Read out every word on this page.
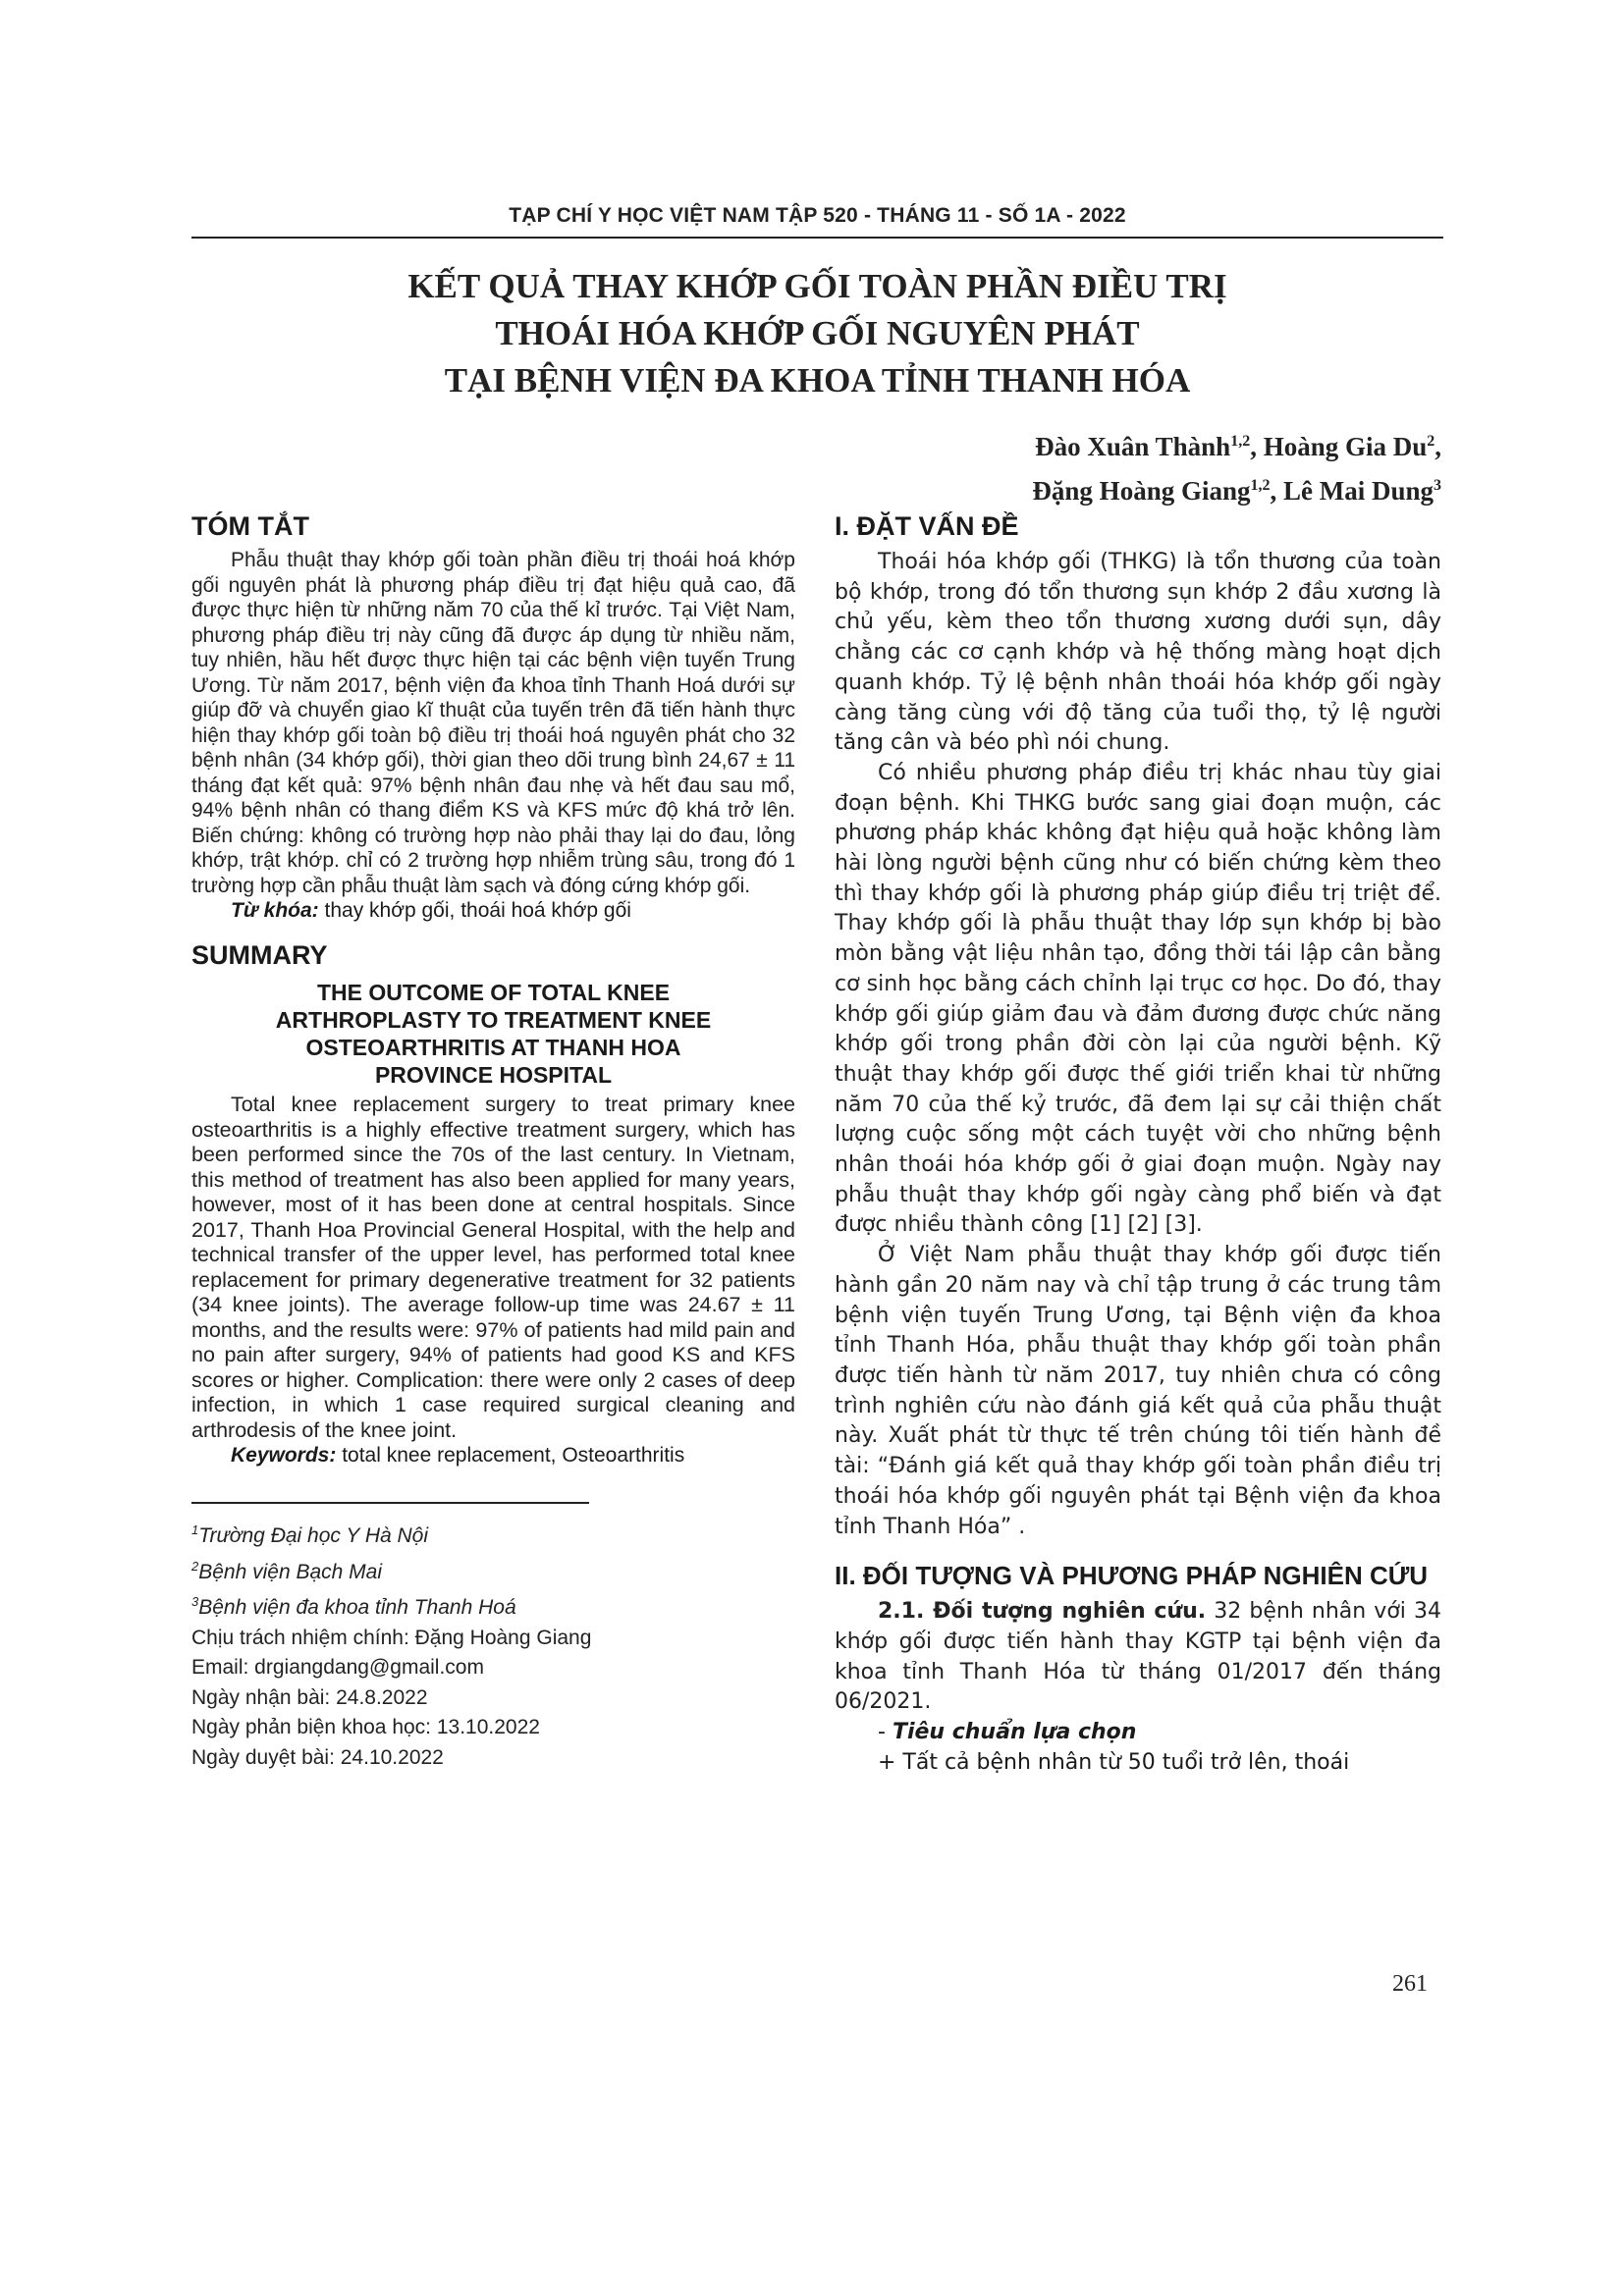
TẠP CHÍ Y HỌC VIỆT NAM TẬP 520 - THÁNG 11 - SỐ 1A - 2022
KẾT QUẢ THAY KHỚP GỐI TOÀN PHẦN ĐIỀU TRỊ
THOÁI HÓA KHỚP GỐI NGUYÊN PHÁT
TẠI BỆNH VIỆN ĐA KHOA TỈNH THANH HÓA
Đào Xuân Thành$^{1,2}$, Hoàng Gia Du$^2$,
Đặng Hoàng Giang$^{1,2}$, Lê Mai Dung$^3$
TÓM TẮT

Phẫu thuật thay khớp gối toàn phần điều trị thoái hoá khớp gối nguyên phát là phương pháp điều trị đạt hiệu quả cao, đã được thực hiện từ những năm 70 của thế kỉ trước. Tại Việt Nam, phương pháp điều trị này cũng đã được áp dụng từ nhiều năm, tuy nhiên, hầu hết được thực hiện tại các bệnh viện tuyến Trung Ương. Từ năm 2017, bệnh viện đa khoa tỉnh Thanh Hoá dưới sự giúp đỡ và chuyển giao kĩ thuật của tuyến trên đã tiến hành thực hiện thay khớp gối toàn bộ điều trị thoái hoá nguyên phát cho 32 bệnh nhân (34 khớp gối), thời gian theo dõi trung bình 24,67 ± 11 tháng đạt kết quả: 97% bệnh nhân đau nhẹ và hết đau sau mổ, 94% bệnh nhân có thang điểm KS và KFS mức độ khá trở lên. Biến chứng: không có trường hợp nào phải thay lại do đau, lỏng khớp, trật khớp. chỉ có 2 trường hợp nhiễm trùng sâu, trong đó 1 trường hợp cần phẫu thuật làm sạch và đóng cứng khớp gối.

Từ khóa: thay khớp gối, thoái hoá khớp gối
SUMMARY
THE OUTCOME OF TOTAL KNEE
ARTHROPLASTY TO TREATMENT KNEE
OSTEOARTHRITIS AT THANH HOA
PROVINCE HOSPITAL

Total knee replacement surgery to treat primary knee osteoarthritis is a highly effective treatment surgery, which has been performed since the 70s of the last century. In Vietnam, this method of treatment has also been applied for many years, however, most of it has been done at central hospitals. Since 2017, Thanh Hoa Provincial General Hospital, with the help and technical transfer of the upper level, has performed total knee replacement for primary degenerative treatment for 32 patients (34 knee joints). The average follow-up time was 24.67 ± 11 months, and the results were: 97% of patients had mild pain and no pain after surgery, 94% of patients had good KS and KFS scores or higher. Complication: there were only 2 cases of deep infection, in which 1 case required surgical cleaning and arthrodesis of the knee joint.

Keywords: total knee replacement, Osteoarthritis
$^1$Trường Đại học Y Hà Nội
$^2$Bệnh viện Bạch Mai
$^3$Bệnh viện đa khoa tỉnh Thanh Hoá
Chịu trách nhiệm chính: Đặng Hoàng Giang
Email: drgiangdang@gmail.com
Ngày nhận bài: 24.8.2022
Ngày phản biện khoa học: 13.10.2022
Ngày duyệt bài: 24.10.2022
I. ĐẶT VẤN ĐỀ

Thoái hóa khớp gối (THKG) là tổn thương của toàn bộ khớp, trong đó tổn thương sụn khớp 2 đầu xương là chủ yếu, kèm theo tổn thương xương dưới sụn, dây chằng các cơ cạnh khớp và hệ thống màng hoạt dịch quanh khớp. Tỷ lệ bệnh nhân thoái hóa khớp gối ngày càng tăng cùng với độ tăng của tuổi thọ, tỷ lệ người tăng cân và béo phì nói chung.

Có nhiều phương pháp điều trị khác nhau tùy giai đoạn bệnh. Khi THKG bước sang giai đoạn muộn, các phương pháp khác không đạt hiệu quả hoặc không làm hài lòng người bệnh cũng như có biến chứng kèm theo thì thay khớp gối là phương pháp giúp điều trị triệt để. Thay khớp gối là phẫu thuật thay lớp sụn khớp bị bào mòn bằng vật liệu nhân tạo, đồng thời tái lập cân bằng cơ sinh học bằng cách chỉnh lại trục cơ học. Do đó, thay khớp gối giúp giảm đau và đảm đương được chức năng khớp gối trong phần đời còn lại của người bệnh. Kỹ thuật thay khớp gối được thế giới triển khai từ những năm 70 của thế kỷ trước, đã đem lại sự cải thiện chất lượng cuộc sống một cách tuyệt vời cho những bệnh nhân thoái hóa khớp gối ở giai đoạn muộn. Ngày nay phẫu thuật thay khớp gối ngày càng phổ biến và đạt được nhiều thành công [1] [2] [3].

Ở Việt Nam phẫu thuật thay khớp gối được tiến hành gần 20 năm nay và chỉ tập trung ở các trung tâm bệnh viện tuyến Trung Ương, tại Bệnh viện đa khoa tỉnh Thanh Hóa, phẫu thuật thay khớp gối toàn phần được tiến hành từ năm 2017, tuy nhiên chưa có công trình nghiên cứu nào đánh giá kết quả của phẫu thuật này. Xuất phát từ thực tế trên chúng tôi tiến hành đề tài: “Đánh giá kết quả thay khớp gối toàn phần điều trị thoái hóa khớp gối nguyên phát tại Bệnh viện đa khoa tỉnh Thanh Hóa” .

II. ĐỐI TƯỢNG VÀ PHƯƠNG PHÁP NGHIÊN CỨU

2.1. Đối tượng nghiên cứu. 32 bệnh nhân với 34 khớp gối được tiến hành thay KGTP tại bệnh viện đa khoa tỉnh Thanh Hóa từ tháng 01/2017 đến tháng 06/2021.

- Tiêu chuẩn lựa chọn
+ Tất cả bệnh nhân từ 50 tuổi trở lên, thoái
261
